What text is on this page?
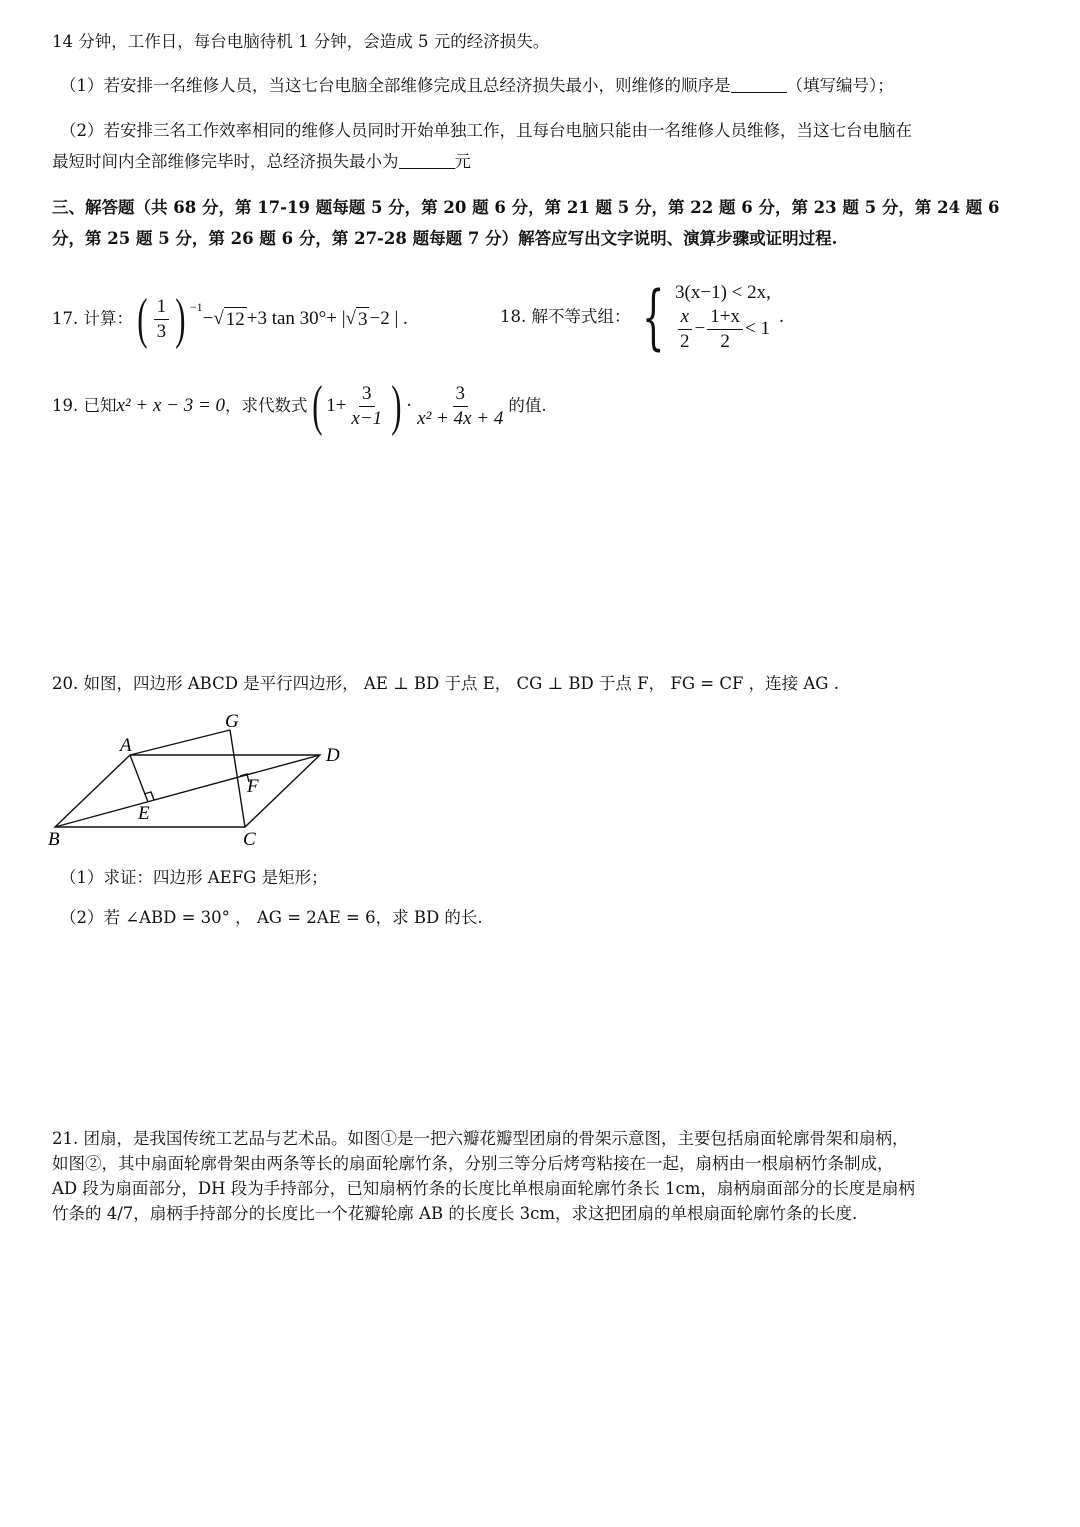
14 分钟，工作日，每台电脑待机 1 分钟，会造成 5 元的经济损失。
（1）若安排一名维修人员，当这七台电脑全部维修完成且总经济损失最小，则维修的顺序是	（填写编号）；
（2）若安排三名工作效率相同的维修人员同时开始单独工作，且每台电脑只能由一名维修人员维修，当这七台电脑在
最短时间内全部维修完毕时，总经济损失最小为	元
三、解答题（共 68 分，第 17-19 题每题 5 分，第 20 题 6 分，第 21 题 5 分，第 22 题 6 分，第 23 题 5 分，第 24 题 6
分，第 25 题 5 分，第 26 题 6 分，第 27-28 题每题 7 分）解答应写出文字说明、演算步骤或证明过程.
17. 计算： ( $\frac{1}{3}$ ) $^{-1}$
− √ 12 +3 tan 30°+ | √ 3 −2 | .	18. 解不等式组： { 3(x−1) < 2x,
$\frac{x}{2} - \frac{1+x}{2} < 1$
.
19. 已知 x² + x − 3 = 0 ，求代数式 ( $1+ \frac{3}{x-1}$ ) · $\frac{3}{\text{x² + 4x + 4}}$ 的值.
20. 如图，四边形 ABCD 是平行四边形， AE ⊥ BD 于点 E， CG ⊥ BD 于点 F， FG = CF ，连接 AG .
A
B	C
D
E
F
G
（1）求证：四边形 AEFG 是矩形；
（2）若 ∠ABD = 30° ， AG = 2AE = 6，求 BD 的长.
21. 团扇，是我国传统工艺品与艺术品。如图①是一把六瓣花瓣型团扇的骨架示意图，主要包括扇面轮廓骨架和扇柄，
如图②，其中扇面轮廓骨架由两条等长的扇面轮廓竹条，分别三等分后烤弯粘接在一起，扇柄由一根扇柄竹条制成，
AD 段为扇面部分，DH 段为手持部分，已知扇柄竹条的长度比单根扇面轮廓竹条长 1cm，扇柄扇面部分的长度是扇柄
竹条的 4/7，扇柄手持部分的长度比一个花瓣轮廓 AB 的长度长 3cm，求这把团扇的单根扇面轮廓竹条的长度.
